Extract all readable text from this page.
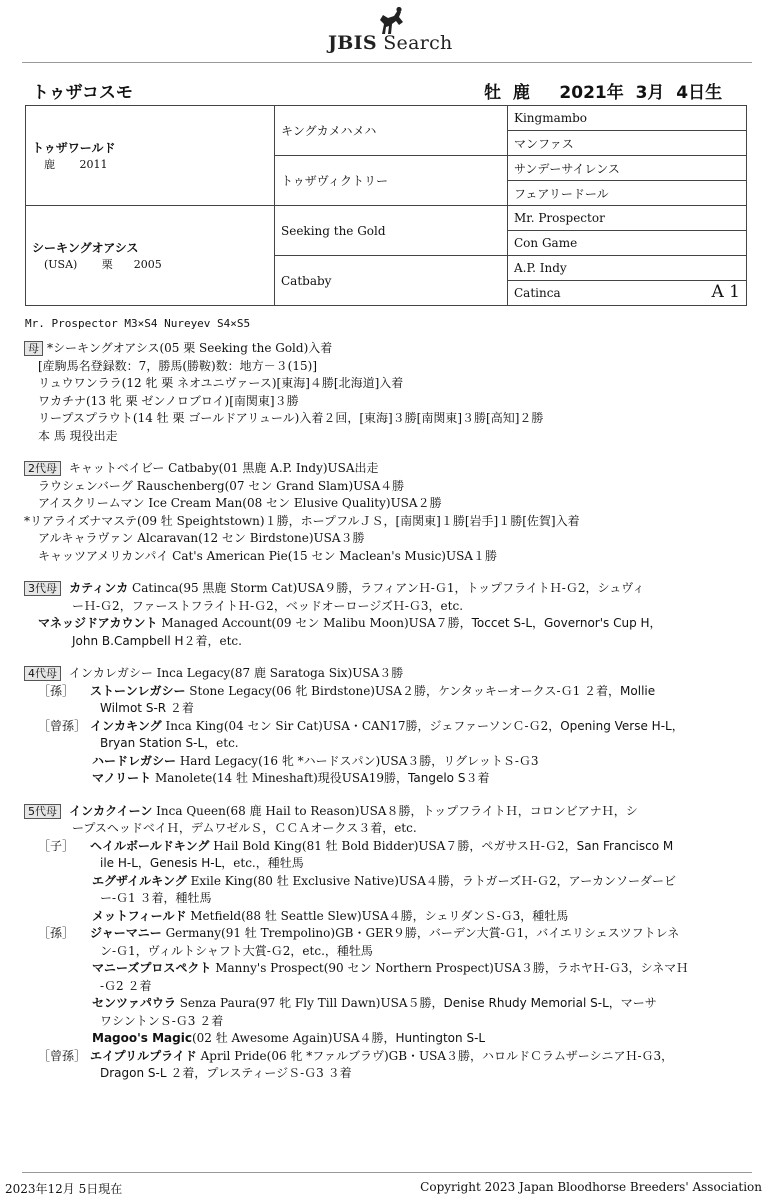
JBIS Search
トゥザコスモ	牡  鹿     2021年  3月  4日生
トゥザワールド
鹿       2011	キングカメハメハ	Kingmambo
		マンファス
	トゥザヴィクトリー	サンデーサイレンス
		フェアリードール

シーキングオアシス
(USA)       栗      2005	Seeking the Gold	Mr. Prospector
		Con Game
	Catbaby	A.P. Indy
		Catinca A 1
Mr. Prospector M3×S4 Nureyev S4×S5
母 *シーキングオアシス(05 栗 Seeking the Gold)入着
[産駒馬名登録数：7，勝馬(勝鞍)数：地方－３(15)]
リュウワンララ(12 牝 栗 ネオユニヴァース)[東海]４勝[北海道]入着
ワカチナ(13 牝 栗 ゼンノロブロイ)[南関東]３勝
リープスプラウト(14 牡 栗 ゴールドアリュール)入着２回，[東海]３勝[南関東]３勝[高知]２勝
本 馬 現役出走
2代母 キャットベイビー Catbaby(01 黒鹿 A.P. Indy)USA出走
ラウシェンバーグ Rauschenberg(07 セン Grand Slam)USA４勝
アイスクリームマン Ice Cream Man(08 セン Elusive Quality)USA２勝
*リアライズナマステ(09 牡 Speightstown)１勝，ホープフルＪＳ，[南関東]１勝[岩手]１勝[佐賀]入着
アルキャラヴァン Alcaravan(12 セン Birdstone)USA３勝
キャッツアメリカンパイ Cat's American Pie(15 セン Maclean's Music)USA１勝
3代母 カティンカ Catinca(95 黒鹿 Storm Cat)USA９勝，ラフィアンＨ-Ｇ1，トップフライトＨ-Ｇ2，シュヴィ
ーＨ-Ｇ2，ファーストフライトＨ-Ｇ2，ベッドオーロージズＨ-Ｇ3，etc.
マネッジドアカウント Managed Account(09 セン Malibu Moon)USA７勝，Toccet S-L，Governor's Cup H，
John B.Campbell H２着，etc.
4代母 インカレガシー Inca Legacy(87 鹿 Saratoga Six)USA３勝
［孫］ストーンレガシー Stone Legacy(06 牝 Birdstone)USA２勝，ケンタッキーオークス-Ｇ1 ２着，Mollie
Wilmot S-R ２着
［曾孫］ インカキング Inca King(04 セン Sir Cat)USA・CAN17勝，ジェファーソンＣ-Ｇ2，Opening Verse H-L，
Bryan Station S-L，etc.
ハードレガシー Hard Legacy(16 牝 *ハードスパン)USA３勝，リグレットＳ-Ｇ3
マノリート Manolete(14 牡 Mineshaft)現役USA19勝，Tangelo S３着
5代母 インカクイーン Inca Queen(68 鹿 Hail to Reason)USA８勝，トップフライトＨ，コロンビアナＨ，シ
ープスヘッドベイＨ，デムワゼルＳ，ＣＣＡオークス３着，etc.
［子］ヘイルボールドキング Hail Bold King(81 牡 Bold Bidder)USA７勝，ペガサスＨ-Ｇ2，San Francisco M
ile H-L，Genesis H-L，etc.，種牡馬
エグザイルキング Exile King(80 牡 Exclusive Native)USA４勝，ラトガーズＨ-Ｇ2，アーカンソーダービ
ー-Ｇ1 ３着，種牡馬
メットフィールド Metfield(88 牡 Seattle Slew)USA４勝，シェリダンＳ-Ｇ3，種牡馬
［孫］ジャーマニー Germany(91 牡 Trempolino)GB・GER９勝，バーデン大賞-Ｇ1，バイエリシェスツフトレネ
ン-Ｇ1，ヴィルトシャフト大賞-Ｇ2，etc.，種牡馬
マニーズプロスペクト Manny's Prospect(90 セン Northern Prospect)USA３勝，ラホヤＨ-Ｇ3，シネマＨ
-Ｇ2 ２着
センツァパウラ Senza Paura(97 牝 Fly Till Dawn)USA５勝，Denise Rhudy Memorial S-L，マーサ
ワシントンＳ-Ｇ3 ２着
Magoo's Magic(02 牡 Awesome Again)USA４勝，Huntington S-L
［曾孫］ エイプリルプライド April Pride(06 牝 *ファルブラヴ)GB・USA３勝，ハロルドＣラムザーシニアＨ-Ｇ3，
Dragon S-L ２着，プレスティージＳ-Ｇ3 ３着
2023年12月 5日現在	Copyright 2023 Japan Bloodhorse Breeders' Association
